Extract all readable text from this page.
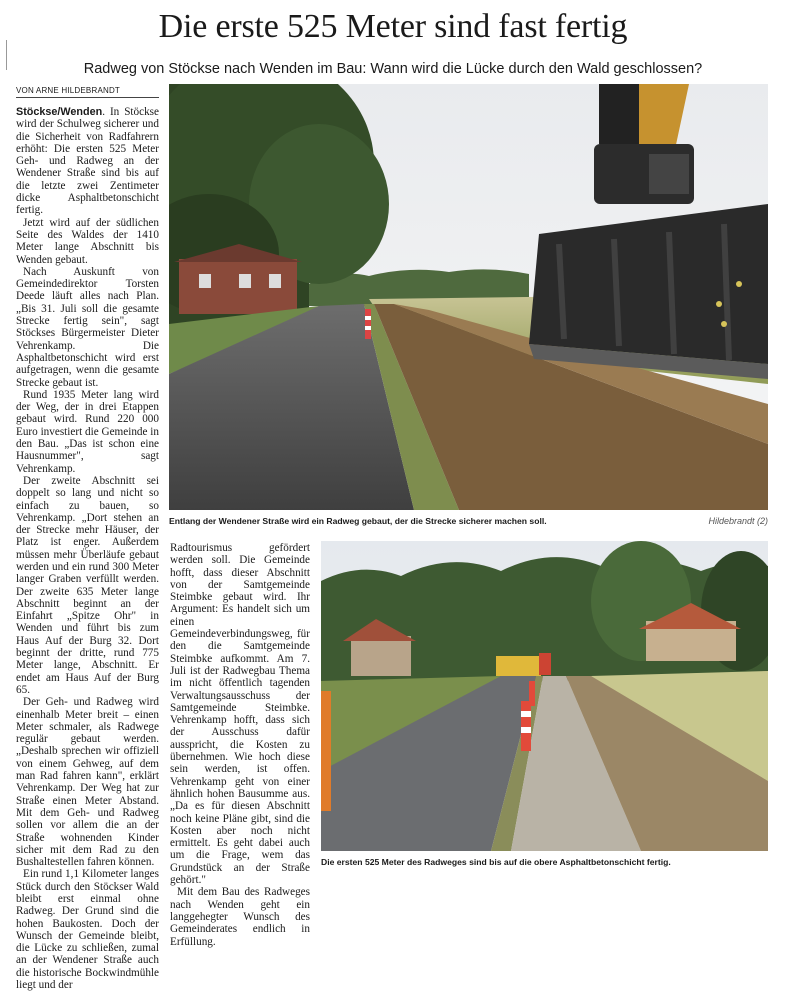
Die erste 525 Meter sind fast fertig

Radweg von Stöckse nach Wenden im Bau: Wann wird die Lücke durch den Wald geschlossen?

VON ARNE HILDEBRANDT

Stöckse/Wenden. In Stöckse wird der Schulweg sicherer und die Sicherheit von Radfahrern erhöht: Die ersten 525 Meter Geh- und Radweg an der Wendener Straße sind bis auf die letzte zwei Zentimeter dicke Asphaltbetonschicht fertig.

Jetzt wird auf der südlichen Seite des Waldes der 1410 Meter lange Abschnitt bis Wenden gebaut.

Nach Auskunft von Gemeindedirektor Torsten Deede läuft alles nach Plan. „Bis 31. Juli soll die gesamte Strecke fertig sein", sagt Stöckses Bürgermeister Dieter Vehrenkamp. Die Asphaltbetonschicht wird erst aufgetragen, wenn die gesamte Strecke gebaut ist.

Rund 1935 Meter lang wird der Weg, der in drei Etappen gebaut wird. Rund 220 000 Euro investiert die Gemeinde in den Bau. „Das ist schon eine Hausnummer", sagt Vehrenkamp.

Der zweite Abschnitt sei doppelt so lang und nicht so einfach zu bauen, so Vehrenkamp. „Dort stehen an der Strecke mehr Häuser, der Platz ist enger. Außerdem müssen mehr Überläufe gebaut werden und ein rund 300 Meter langer Graben verfüllt werden. Der zweite 635 Meter lange Abschnitt beginnt an der Einfahrt „Spitze Ohr" in Wenden und führt bis zum Haus Auf der Burg 32. Dort beginnt der dritte, rund 775 Meter lange, Abschnitt. Er endet am Haus Auf der Burg 65.

Der Geh- und Radweg wird einenhalb Meter breit – einen Meter schmaler, als Radwege regulär gebaut werden. „Deshalb sprechen wir offiziell von einem Gehweg, auf dem man Rad fahren kann", erklärt Vehrenkamp. Der Weg hat zur Straße einen Meter Abstand. Mit dem Geh- und Radweg sollen vor allem die an der Straße wohnenden Kinder sicher mit dem Rad zu den Bushaltestellen fahren können.

Ein rund 1,1 Kilometer langes Stück durch den Stöckser Wald bleibt erst einmal ohne Radweg. Der Grund sind die hohen Baukosten. Doch der Wunsch der Gemeinde bleibt, die Lücke zu schließen, zumal an der Wendener Straße auch die historische Bockwindmühle liegt und der

Radtourismus gefördert werden soll. Die Gemeinde hofft, dass dieser Abschnitt von der Samtgemeinde Steimbke gebaut wird. Ihr Argument: Es handelt sich um einen Gemeindeverbindungsweg, für den die Samtgemeinde Steimbke aufkommt. Am 7. Juli ist der Radwegbau Thema im nicht öffentlich tagenden Verwaltungsausschuss der Samtgemeinde Steimbke. Vehrenkamp hofft, dass sich der Ausschuss dafür ausspricht, die Kosten zu übernehmen. Wie hoch diese sein werden, ist offen. Vehrenkamp geht von einer ähnlich hohen Bausumme aus. „Da es für diesen Abschnitt noch keine Pläne gibt, sind die Kosten aber noch nicht ermittelt. Es geht dabei auch um die Frage, wem das Grundstück an der Straße gehört."

Mit dem Bau des Radweges nach Wenden geht ein langgehegter Wunsch des Gemeinderates endlich in Erfüllung.

Entlang der Wendener Straße wird ein Radweg gebaut, der die Strecke sicherer machen soll.	Hildebrandt (2)
Die ersten 525 Meter des Radweges sind bis auf die obere Asphaltbetonschicht fertig.
